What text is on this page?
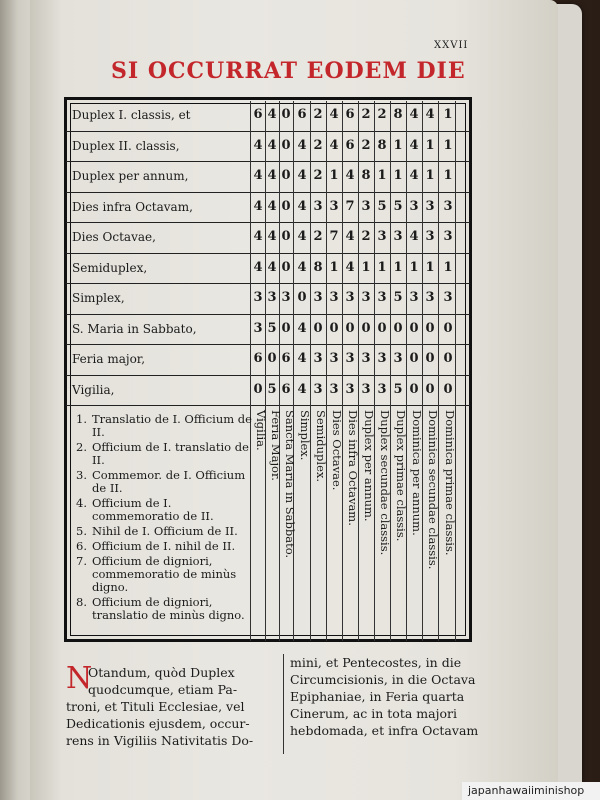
XXVII
SI OCCURRAT EODEM DIE
Duplex I. classis, et	6 4 0 6 2 4 6 2 2 8 4 4 1
Duplex II. classis,	4 4 0 4 2 4 6 2 8 1 4 1 1
Duplex per annum,	4 4 0 4 2 1 4 8 1 1 4 1 1
Dies infra Octavam,	4 4 0 4 3 3 7 3 5 5 3 3 3
Dies Octavae,	4 4 0 4 2 7 4 2 3 3 4 3 3
Semiduplex,	4 4 0 4 8 1 4 1 1 1 1 1 1
Simplex,	3 3 3 0 3 3 3 3 3 5 3 3 3
S. Maria in Sabbato,	3 5 0 4 0 0 0 0 0 0 0 0 0
Feria major,	6 0 6 4 3 3 3 3 3 3 0 0 0
Vigilia,	0 5 6 4 3 3 3 3 3 5 0 0 0
1. Translatio de I. Officium de II.
2. Officium de I. translatio de II.
3. Commemor. de I. Officium de II.
4. Officium de I. commemoratio de II.
5. Nihil de I. Officium de II.
6. Officium de I. nihil de II.
7. Officium de digniori, commemoratio de minùs digno.
8. Officium de digniori, translatio de minùs digno.
Vigilia. Feria Major. Sancta Maria in Sabbato. Simplex. Semiduplex. Dies Octavae. Dies infra Octavam. Duplex per annum. Duplex secundae classis. Duplex primae classis. Dominica per annum. Dominica secundae classis. Dominica primae classis.
N
Otandum, quòd Duplex
quodcumque, etiam Pa-
troni, et Tituli Ecclesiae, vel
Dedicationis ejusdem, occur-
rens in Vigiliis Nativitatis Do-
mini, et Pentecostes, in die
Circumcisionis, in die Octava
Epiphaniae, in Feria quarta
Cinerum, ac in tota majori
hebdomada, et infra Octavam
japanhawaiiminishop
